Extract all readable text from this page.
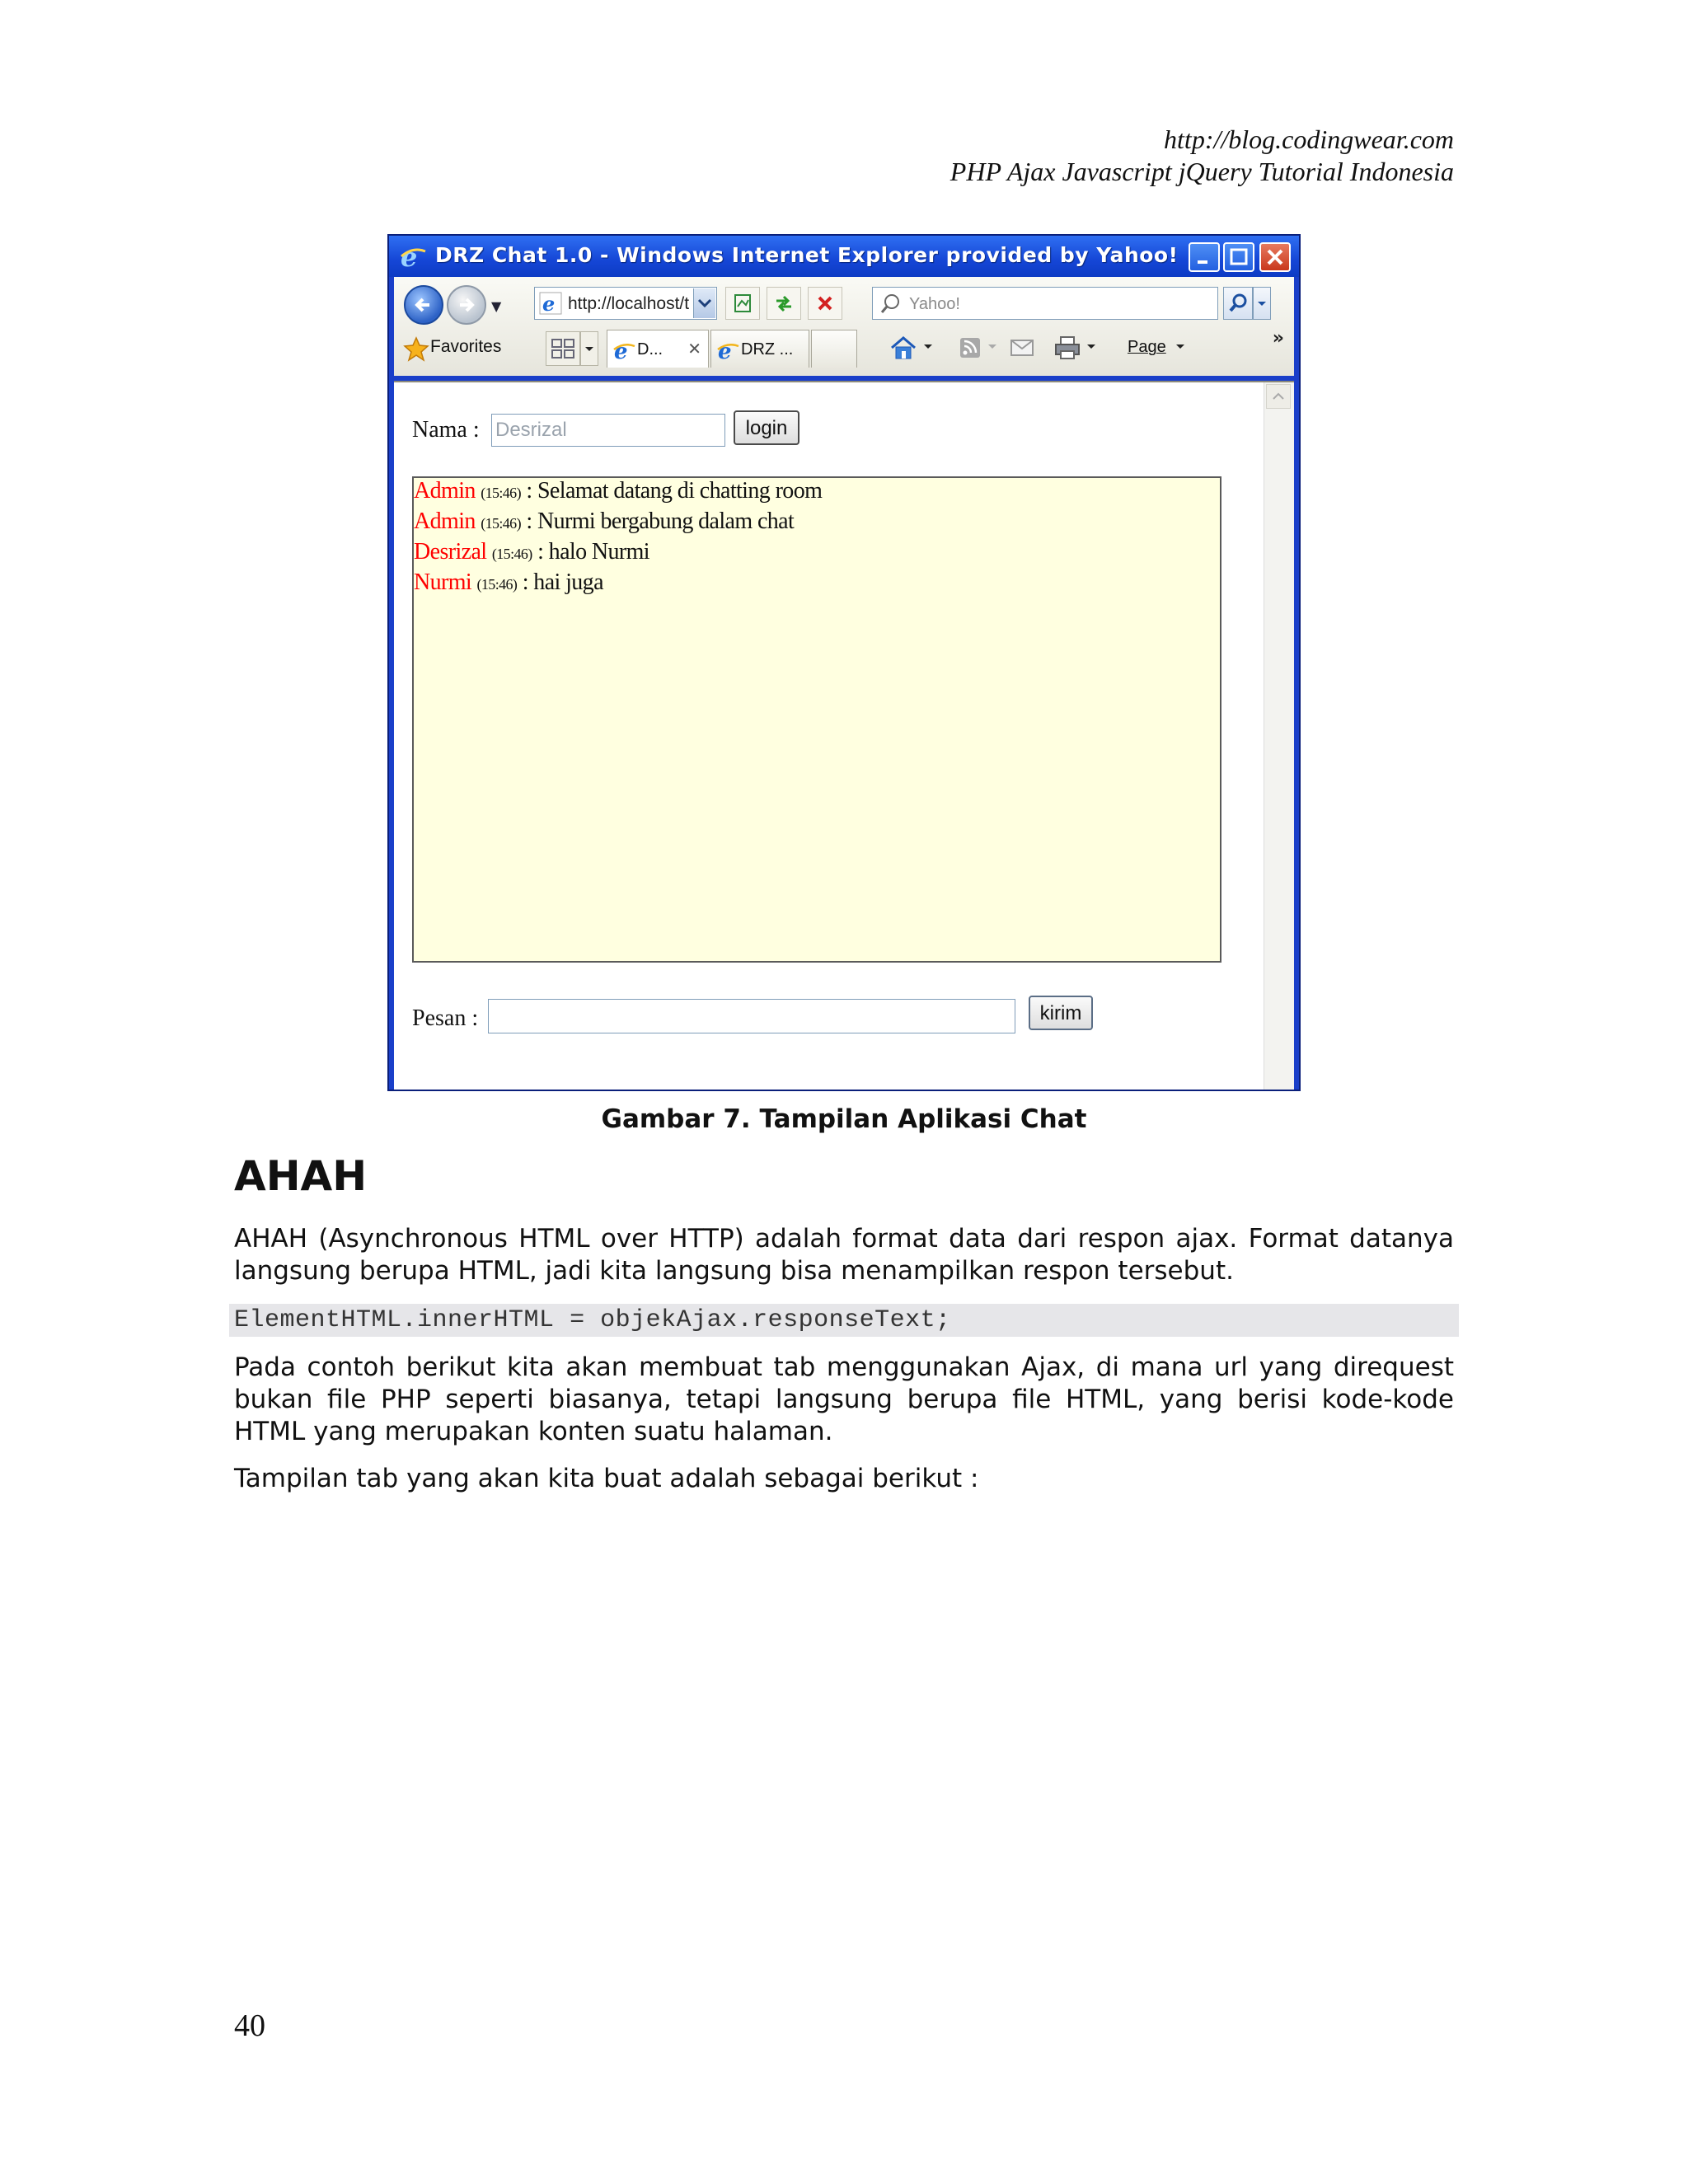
http://blog.codingwear.com
PHP Ajax Javascript jQuery Tutorial Indonesia
e DRZ Chat 1.0 - Windows Internet Explorer provided by Yahoo!
▼ e http://localhost/t	Yahoo!
Favorites	e D... ✕ e DRZ ...	Page	»
Nama : Desrizal	login
Admin (15:46) : Selamat datang di chatting room
Admin (15:46) : Nurmi bergabung dalam chat
Desrizal (15:46) : halo Nurmi
Nurmi (15:46) : hai juga
Pesan :	kirim
Gambar 7. Tampilan Aplikasi Chat
AHAH
AHAH (Asynchronous HTML over HTTP) adalah format data dari respon ajax. Format datanya langsung berupa HTML, jadi kita langsung bisa menampilkan respon tersebut.
ElementHTML.innerHTML = objekAjax.responseText;
Pada contoh berikut kita akan membuat tab menggunakan Ajax, di mana url yang direquest bukan file PHP seperti biasanya, tetapi langsung berupa file HTML, yang berisi kode-kode HTML yang merupakan konten suatu halaman.
Tampilan tab yang akan kita buat adalah sebagai berikut :
40
